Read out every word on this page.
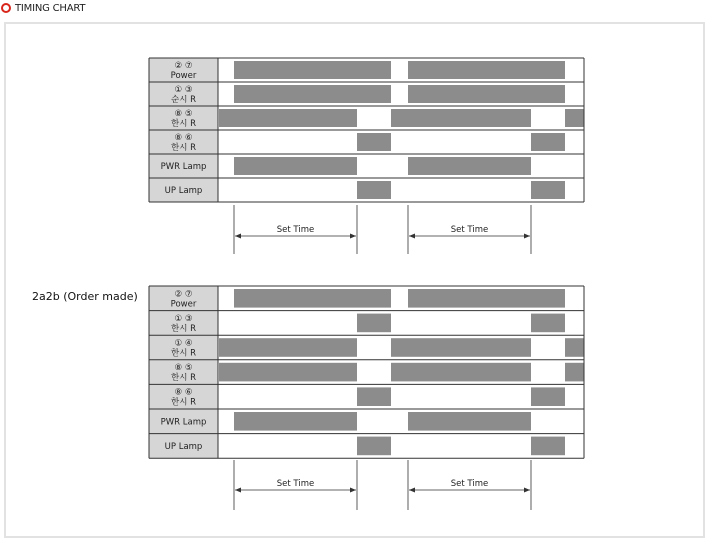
TIMING CHART
2a2b (Order made)
② ⑦
Power
① ③
순시 R
⑧ ⑤
한시 R
⑧ ⑥
한시 R
PWR Lamp
UP Lamp
Set Time	Set Time
② ⑦
Power
① ③
한시 R
① ④
한시 R
⑧ ⑤
한시 R
⑧ ⑥
한시 R
PWR Lamp
UP Lamp
Set Time	Set Time
